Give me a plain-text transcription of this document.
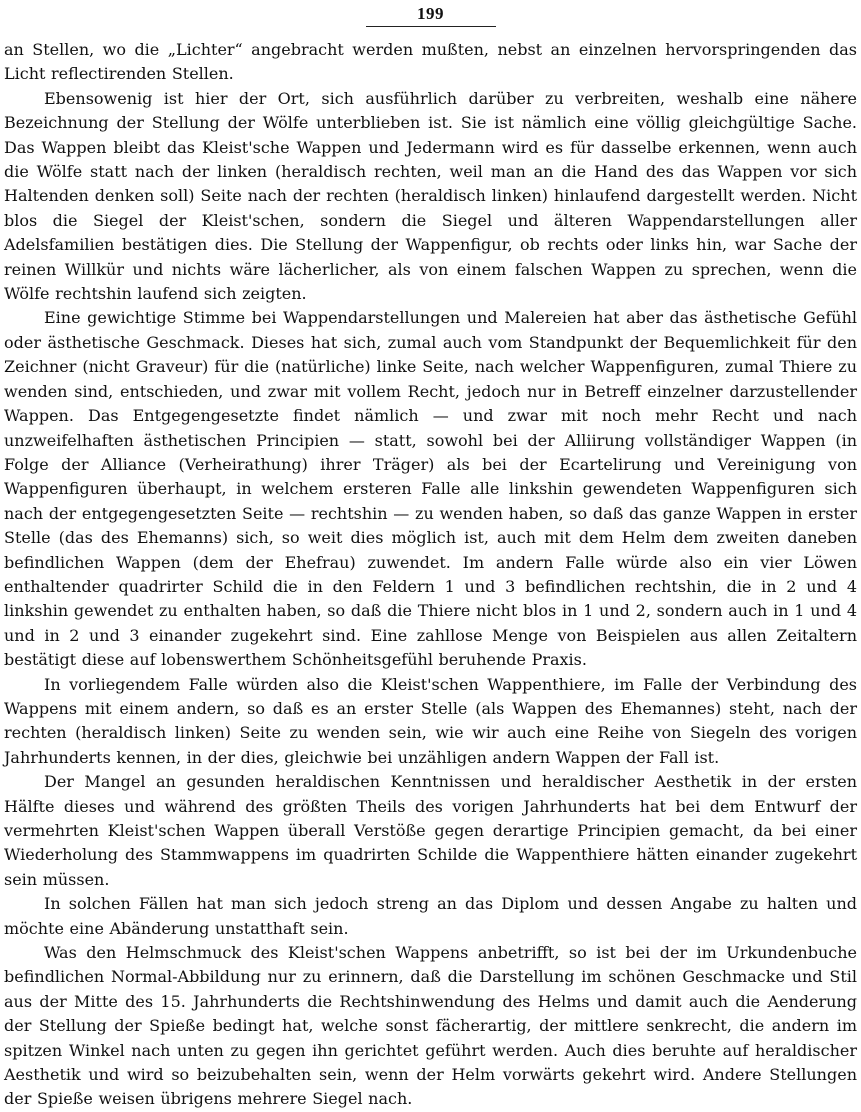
199

an Stellen, wo die „Lichter“ angebracht werden mußten, nebst an einzelnen hervorspringenden das Licht reflectirenden Stellen.

Ebensowenig ist hier der Ort, sich ausführlich darüber zu verbreiten, weshalb eine nähere Bezeichnung der Stellung der Wölfe unterblieben ist. Sie ist nämlich eine völlig gleichgültige Sache. Das Wappen bleibt das Kleist'sche Wappen und Jedermann wird es für dasselbe erkennen, wenn auch die Wölfe statt nach der linken (heraldisch rechten, weil man an die Hand des das Wappen vor sich Haltenden denken soll) Seite nach der rechten (heraldisch linken) hinlaufend dargestellt werden. Nicht blos die Siegel der Kleist'schen, sondern die Siegel und älteren Wappendarstellungen aller Adelsfamilien bestätigen dies. Die Stellung der Wappenfigur, ob rechts oder links hin, war Sache der reinen Willkür und nichts wäre lächerlicher, als von einem falschen Wappen zu sprechen, wenn die Wölfe rechtshin laufend sich zeigten.

Eine gewichtige Stimme bei Wappendarstellungen und Malereien hat aber das ästhetische Gefühl oder ästhetische Geschmack. Dieses hat sich, zumal auch vom Standpunkt der Bequemlichkeit für den Zeichner (nicht Graveur) für die (natürliche) linke Seite, nach welcher Wappenfiguren, zumal Thiere zu wenden sind, entschieden, und zwar mit vollem Recht, jedoch nur in Betreff einzelner darzustellender Wappen. Das Entgegengesetzte findet nämlich — und zwar mit noch mehr Recht und nach unzweifelhaften ästhetischen Principien — statt, sowohl bei der Alliirung vollständiger Wappen (in Folge der Alliance (Verheirathung) ihrer Träger) als bei der Ecartelirung und Vereinigung von Wappenfiguren überhaupt, in welchem ersteren Falle alle linkshin gewendeten Wappenfiguren sich nach der entgegengesetzten Seite — rechtshin — zu wenden haben, so daß das ganze Wappen in erster Stelle (das des Ehemanns) sich, so weit dies möglich ist, auch mit dem Helm dem zweiten daneben befindlichen Wappen (dem der Ehefrau) zuwendet. Im andern Falle würde also ein vier Löwen enthaltender quadrirter Schild die in den Feldern 1 und 3 befindlichen rechtshin, die in 2 und 4 linkshin gewendet zu enthalten haben, so daß die Thiere nicht blos in 1 und 2, sondern auch in 1 und 4 und in 2 und 3 einander zugekehrt sind. Eine zahllose Menge von Beispielen aus allen Zeitaltern bestätigt diese auf lobenswerthem Schönheitsgefühl beruhende Praxis.

In vorliegendem Falle würden also die Kleist'schen Wappenthiere, im Falle der Verbindung des Wappens mit einem andern, so daß es an erster Stelle (als Wappen des Ehemannes) steht, nach der rechten (heraldisch linken) Seite zu wenden sein, wie wir auch eine Reihe von Siegeln des vorigen Jahrhunderts kennen, in der dies, gleichwie bei unzähligen andern Wappen der Fall ist.

Der Mangel an gesunden heraldischen Kenntnissen und heraldischer Aesthetik in der ersten Hälfte dieses und während des größten Theils des vorigen Jahrhunderts hat bei dem Entwurf der vermehrten Kleist'schen Wappen überall Verstöße gegen derartige Principien gemacht, da bei einer Wiederholung des Stammwappens im quadrirten Schilde die Wappenthiere hätten einander zugekehrt sein müssen.

In solchen Fällen hat man sich jedoch streng an das Diplom und dessen Angabe zu halten und möchte eine Abänderung unstatthaft sein.

Was den Helmschmuck des Kleist'schen Wappens anbetrifft, so ist bei der im Urkundenbuche befindlichen Normal-Abbildung nur zu erinnern, daß die Darstellung im schönen Geschmacke und Stil aus der Mitte des 15. Jahrhunderts die Rechtshinwendung des Helms und damit auch die Aenderung der Stellung der Spieße bedingt hat, welche sonst fächerartig, der mittlere senkrecht, die andern im spitzen Winkel nach unten zu gegen ihn gerichtet geführt werden. Auch dies beruhte auf heraldischer Aesthetik und wird so beizubehalten sein, wenn der Helm vorwärts gekehrt wird. Andere Stellungen der Spieße weisen übrigens mehrere Siegel nach.
